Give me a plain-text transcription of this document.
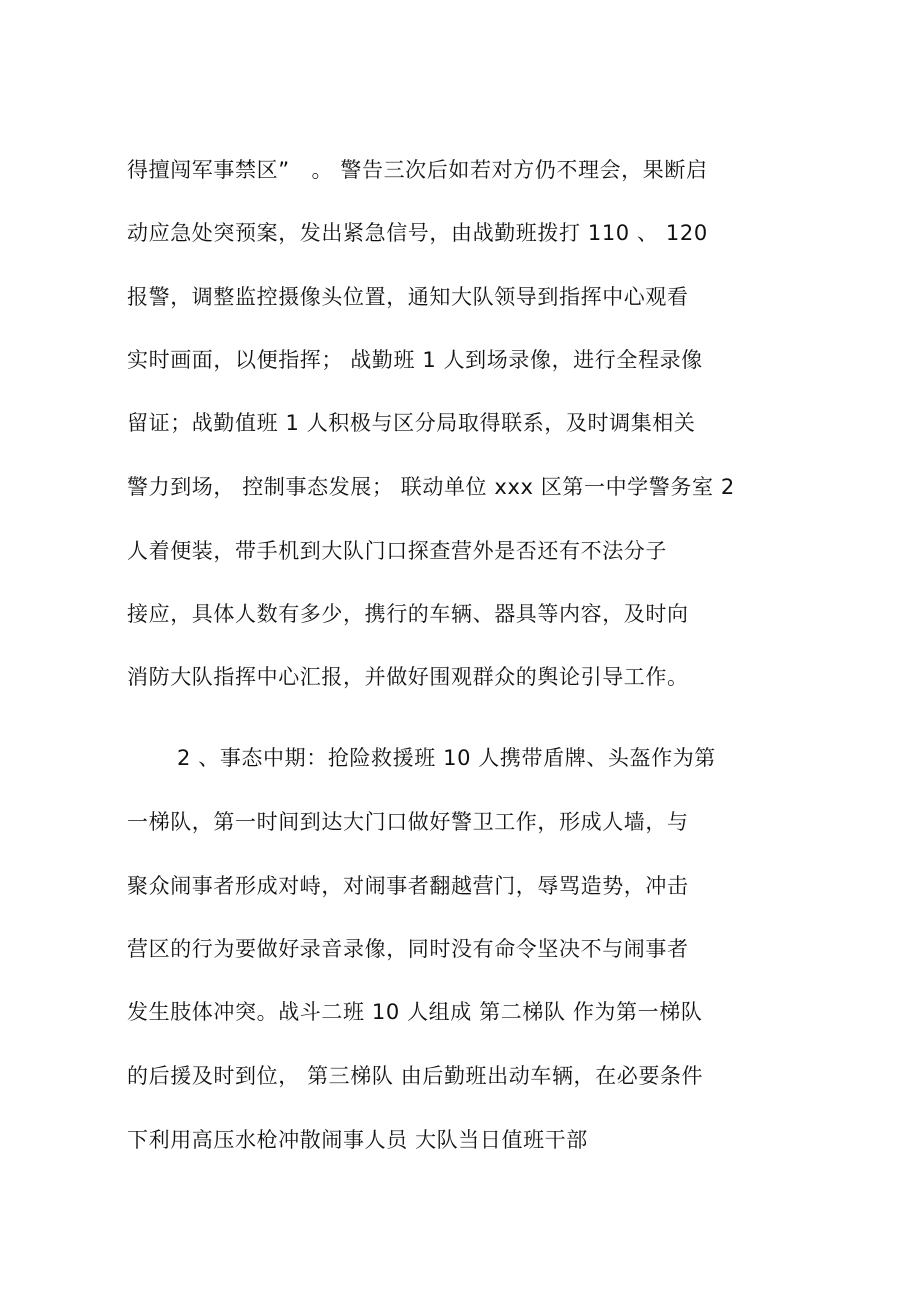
得擅闯军事禁区”   。 警告三次后如若对方仍不理会，果断启
动应急处突预案，发出紧急信号，由战勤班拨打 110 、 120
报警，调整监控摄像头位置，通知大队领导到指挥中心观看
实时画面，以便指挥； 战勤班 1 人到场录像，进行全程录像
留证；战勤值班 1 人积极与区分局取得联系，及时调集相关
警力到场， 控制事态发展； 联动单位 xxx 区第一中学警务室 2
人着便装，带手机到大队门口探查营外是否还有不法分子
接应，具体人数有多少，携行的车辆、器具等内容，及时向
消防大队指挥中心汇报，并做好围观群众的舆论引导工作。
2 、事态中期：抢险救援班 10 人携带盾牌、头盔作为第
一梯队，第一时间到达大门口做好警卫工作，形成人墙，与
聚众闹事者形成对峙，对闹事者翻越营门，辱骂造势，冲击
营区的行为要做好录音录像，同时没有命令坚决不与闹事者
发生肢体冲突。战斗二班 10 人组成 第二梯队 作为第一梯队
的后援及时到位， 第三梯队 由后勤班出动车辆，在必要条件
下利用高压水枪冲散闹事人员 大队当日值班干部
